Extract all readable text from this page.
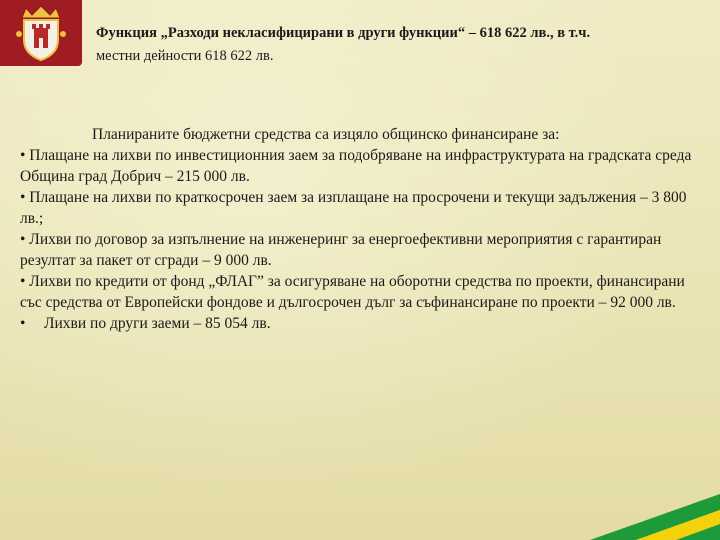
Функция „Разходи некласифицирани в други функции“ – 618 622 лв., в т.ч.
местни дейности 618 622 лв.

Планираните бюджетни средства са изцяло общинско финансиране за:

• Плащане на лихви по инвестиционния заем за подобряване на инфраструктурата на градската среда Община град Добрич – 215 000 лв.

• Плащане на лихви по краткосрочен заем за изплащане на просрочени и текущи задължения – 3 800 лв.;

• Лихви по договор за изпълнение на инженеринг за енергоефективни мероприятия с гарантиран резултат за пакет от сгради – 9 000 лв.

• Лихви по кредити от фонд „ФЛАГ” за осигуряване на оборотни средства по проекти, финансирани със средства от Европейски фондове и дългосрочен дълг за съфинансиране по проекти – 92 000 лв.

• Лихви по други заеми – 85 054 лв.
